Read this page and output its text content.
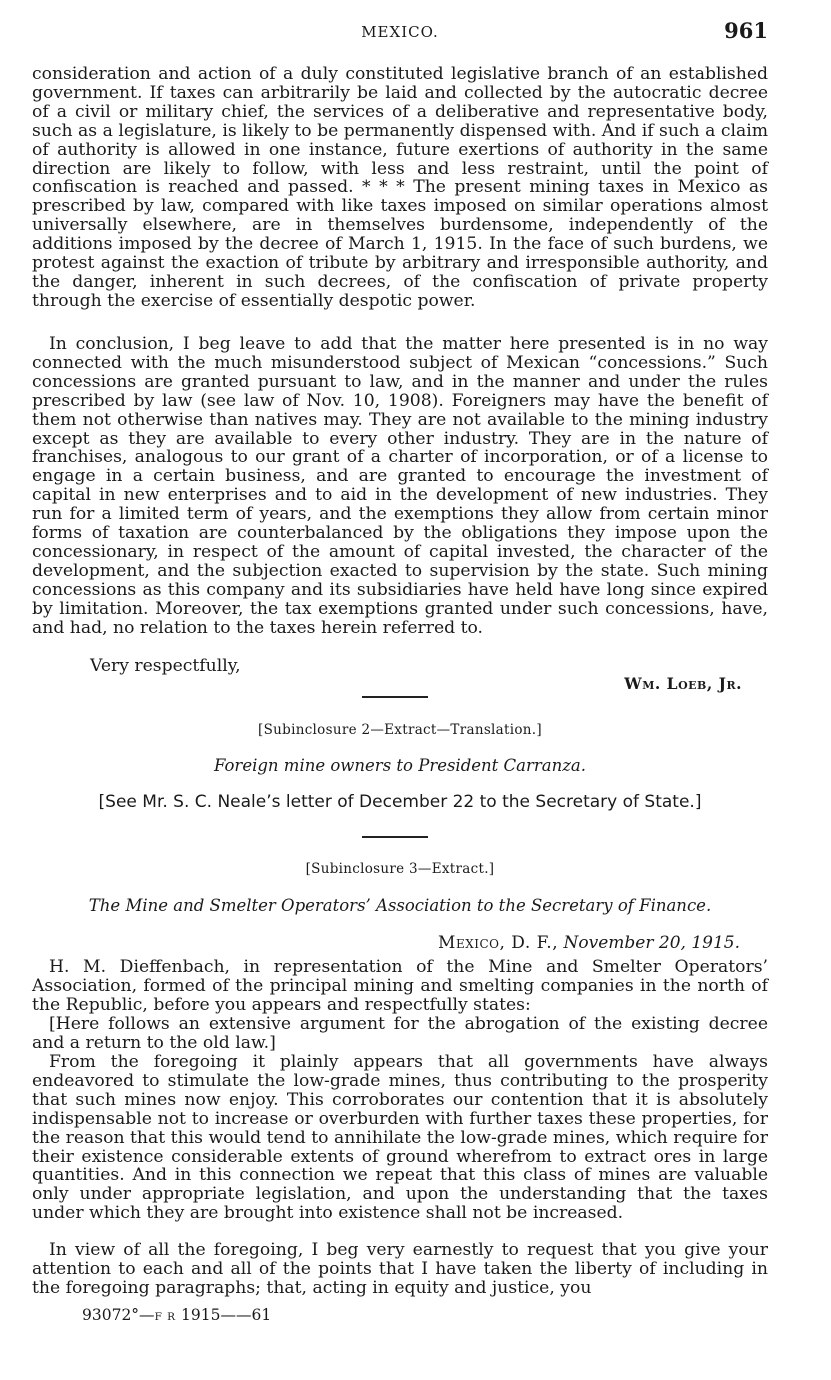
MEXICO.	961

consideration and action of a duly constituted legislative branch of an established government. If taxes can arbitrarily be laid and collected by the autocratic decree of a civil or military chief, the services of a deliberative and representative body, such as a legislature, is likely to be permanently dispensed with. And if such a claim of authority is allowed in one instance, future exertions of authority in the same direction are likely to follow, with less and less restraint, until the point of confiscation is reached and passed. * * * The present mining taxes in Mexico as prescribed by law, compared with like taxes imposed on similar operations almost universally elsewhere, are in themselves burdensome, independently of the additions imposed by the decree of March 1, 1915. In the face of such burdens, we protest against the exaction of tribute by arbitrary and irresponsible authority, and the danger, inherent in such decrees, of the confiscation of private property through the exercise of essentially despotic power.

In conclusion, I beg leave to add that the matter here presented is in no way connected with the much misunderstood subject of Mexican “concessions.” Such concessions are granted pursuant to law, and in the manner and under the rules prescribed by law (see law of Nov. 10, 1908). Foreigners may have the benefit of them not otherwise than natives may. They are not available to the mining industry except as they are available to every other industry. They are in the nature of franchises, analogous to our grant of a charter of incorporation, or of a license to engage in a certain business, and are granted to encourage the investment of capital in new enterprises and to aid in the development of new industries. They run for a limited term of years, and the exemptions they allow from certain minor forms of taxation are counterbalanced by the obligations they impose upon the concessionary, in respect of the amount of capital invested, the character of the development, and the subjection exacted to supervision by the state. Such mining concessions as this company and its subsidiaries have held have long since expired by limitation. Moreover, the tax exemptions granted under such concessions, have, and had, no relation to the taxes herein referred to.

Very respectfully,
Wm. Loeb, Jr.
[Subinclosure 2—Extract—Translation.]
Foreign mine owners to President Carranza.
[See Mr. S. C. Neale’s letter of December 22 to the Secretary of State.]
[Subinclosure 3—Extract.]
The Mine and Smelter Operators’ Association to the Secretary of Finance.
Mexico, D. F., November 20, 1915.

H. M. Dieffenbach, in representation of the Mine and Smelter Operators’ Association, formed of the principal mining and smelting companies in the north of the Republic, before you appears and respectfully states:

[Here follows an extensive argument for the abrogation of the existing decree and a return to the old law.]

From the foregoing it plainly appears that all governments have always endeavored to stimulate the low-grade mines, thus contributing to the prosperity that such mines now enjoy. This corroborates our contention that it is absolutely indispensable not to increase or overburden with further taxes these properties, for the reason that this would tend to annihilate the low-grade mines, which require for their existence considerable extents of ground wherefrom to extract ores in large quantities. And in this connection we repeat that this class of mines are valuable only under appropriate legislation, and upon the understanding that the taxes under which they are brought into existence shall not be increased.

In view of all the foregoing, I beg very earnestly to request that you give your attention to each and all of the points that I have taken the liberty of including in the foregoing paragraphs; that, acting in equity and justice, you

93072°—F R 1915——61
